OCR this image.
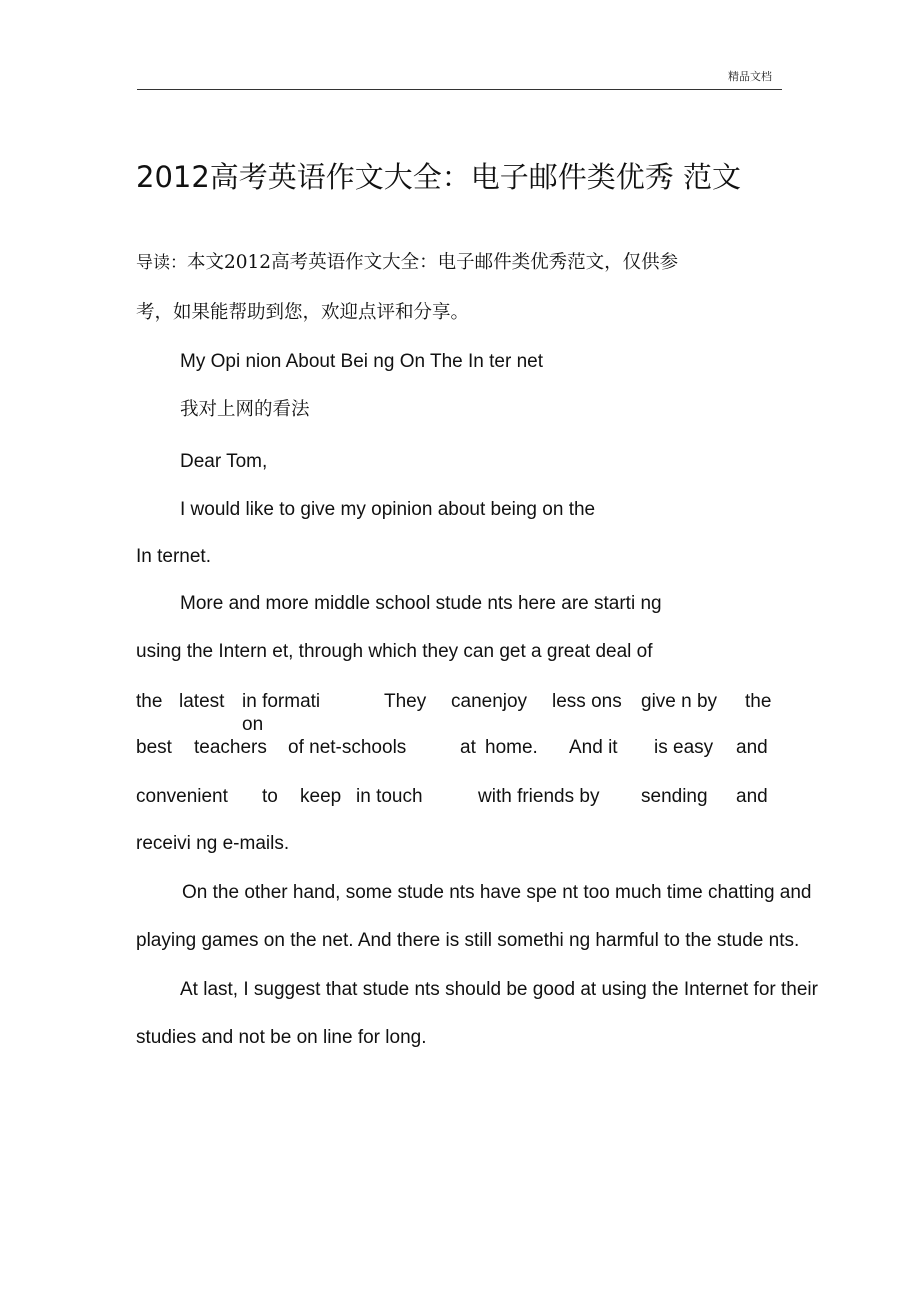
精品文档
2012高考英语作文大全：电子邮件类优秀 范文
导读：本文2012高考英语作文大全：电子邮件类优秀范文，仅供参
考，如果能帮助到您，欢迎点评和分享。
My Opi nion About Bei ng On The In ter net
我对上网的看法
Dear Tom,
I would like to give my opinion about being on the
In ternet.
More and more middle school stude nts here are starti ng
using the Intern et, through which they can get a great deal of
the latest in formati
on
They canenjoy less ons give n by the
best teachers of net-schools	at home. And it is easy and
convenient to keep in touch	with friends by sending and
receivi ng e-mails.
On the other hand, some stude nts have spe nt too much time chatting and
playing games on the net. And there is still somethi ng harmful to the stude nts.
At last, I suggest that stude nts should be good at using the Internet for their
studies and not be on line for long.
